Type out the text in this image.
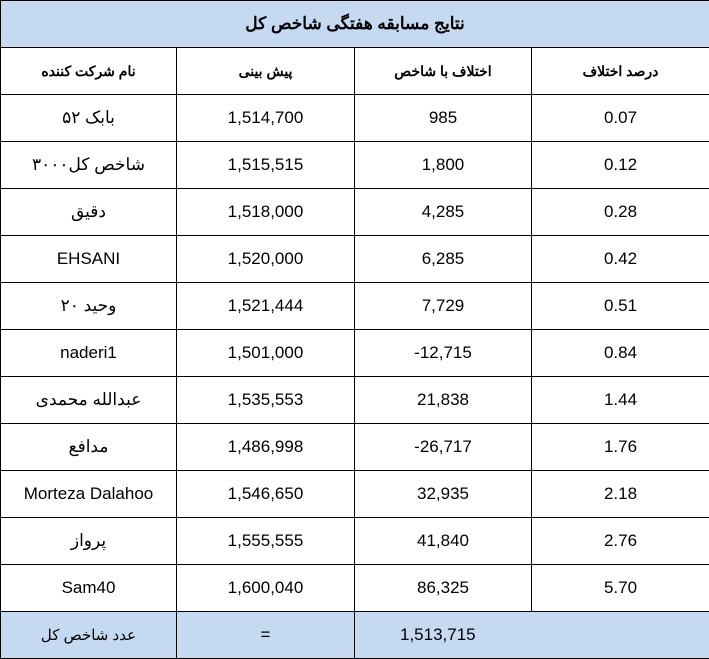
نتایج مسابقه هفتگی شاخص کل			
نام شرکت کننده	پیش بینی	اختلاف با شاخص	درصد اختلاف
بابک ۵۲	1,514,700	985	0.07
شاخص کل۳۰۰۰	1,515,515	1,800	0.12
دقیق	1,518,000	4,285	0.28
EHSANI	1,520,000	6,285	0.42
وحید ۲۰	1,521,444	7,729	0.51
naderi1	1,501,000	-12,715	0.84
عبدالله محمدی	1,535,553	21,838	1.44
مدافع	1,486,998	-26,717	1.76
Morteza Dalahoo	1,546,650	32,935	2.18
پرواز	1,555,555	41,840	2.76
Sam40	1,600,040	86,325	5.70
عدد شاخص کل	=	1,513,715	
